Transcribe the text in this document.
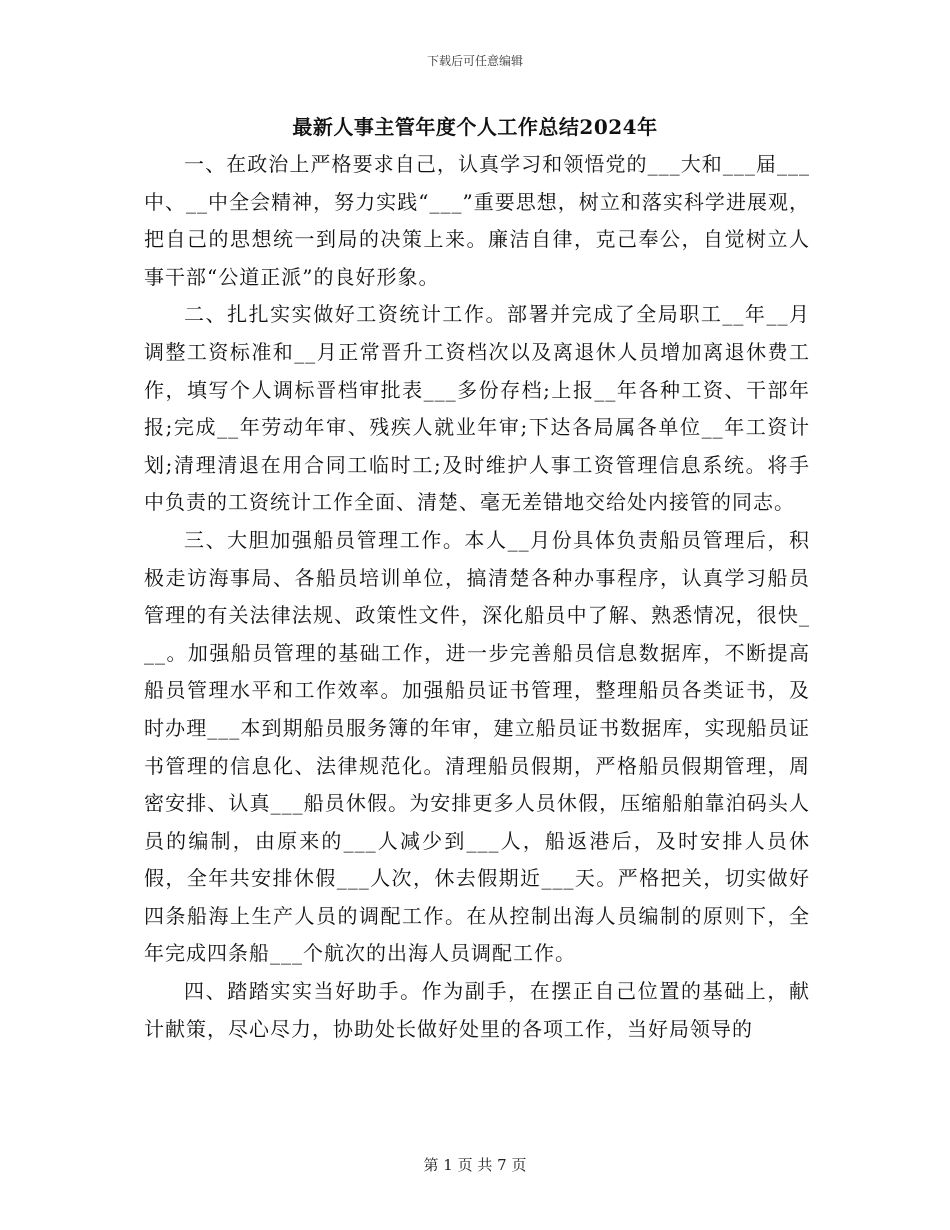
下载后可任意编辑
最新人事主管年度个人工作总结2024年

一、在政治上严格要求自己，认真学习和领悟党的___大和___届___中、__中全会精神，努力实践“___”重要思想，树立和落实科学进展观，把自己的思想统一到局的决策上来。廉洁自律，克己奉公，自觉树立人事干部“公道正派”的良好形象。

二、扎扎实实做好工资统计工作。部署并完成了全局职工__年__月调整工资标准和__月正常晋升工资档次以及离退休人员增加离退休费工作，填写个人调标晋档审批表___多份存档;上报__年各种工资、干部年报;完成__年劳动年审、残疾人就业年审;下达各局属各单位__年工资计划;清理清退在用合同工临时工;及时维护人事工资管理信息系统。将手中负责的工资统计工作全面、清楚、毫无差错地交给处内接管的同志。

三、大胆加强船员管理工作。本人__月份具体负责船员管理后，积极走访海事局、各船员培训单位，搞清楚各种办事程序，认真学习船员管理的有关法律法规、政策性文件，深化船员中了解、熟悉情况，很快___。加强船员管理的基础工作，进一步完善船员信息数据库，不断提高船员管理水平和工作效率。加强船员证书管理，整理船员各类证书，及时办理___本到期船员服务簿的年审，建立船员证书数据库，实现船员证书管理的信息化、法律规范化。清理船员假期，严格船员假期管理，周密安排、认真___船员休假。为安排更多人员休假，压缩船舶靠泊码头人员的编制，由原来的___人减少到___人，船返港后，及时安排人员休假，全年共安排休假___人次，休去假期近___天。严格把关，切实做好四条船海上生产人员的调配工作。在从控制出海人员编制的原则下，全年完成四条船___个航次的出海人员调配工作。

四、踏踏实实当好助手。作为副手，在摆正自己位置的基础上，献计献策，尽心尽力，协助处长做好处里的各项工作，当好局领导的

第 1 页 共 7 页
